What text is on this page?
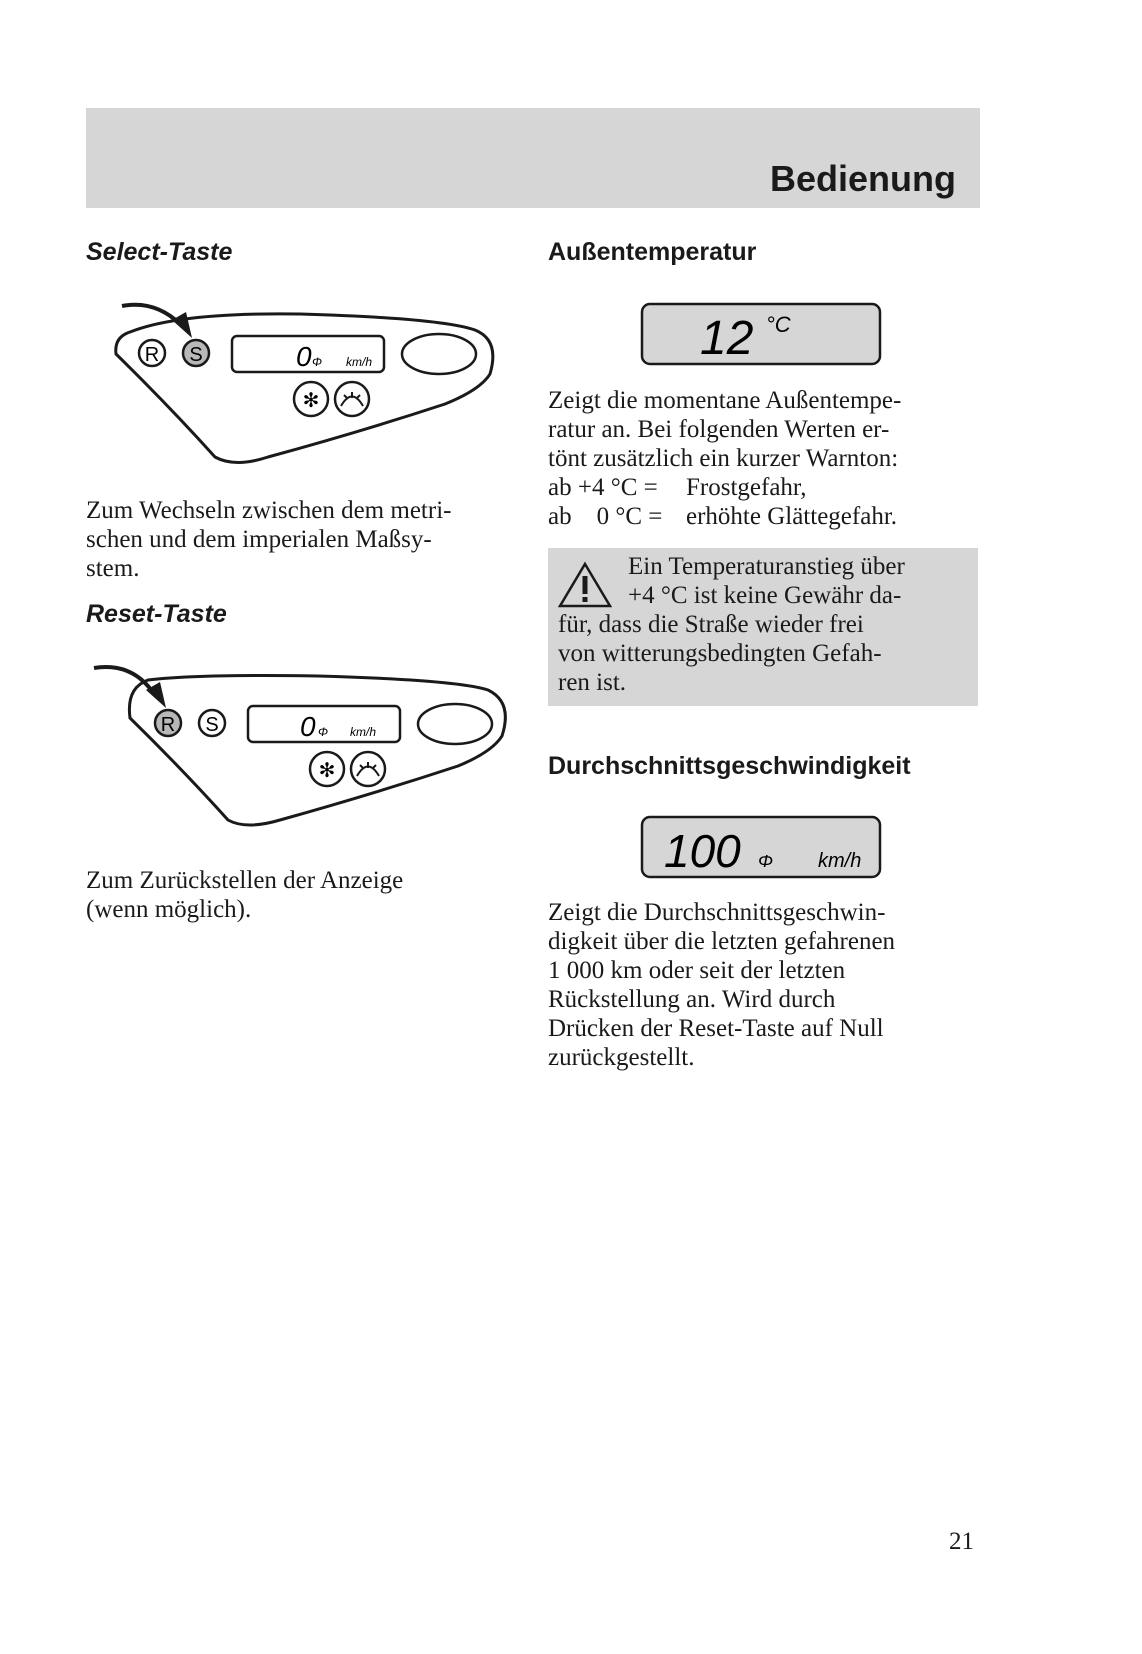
Bedienung
Select-Taste
R S	0 Φ km/h
✻

Zum Wechseln zwischen dem metri-
schen und dem imperialen Maßsy-
stem.

Reset-Taste
R S	0 Φ km/h
✻

Zum Zurückstellen der Anzeige
(wenn möglich).

Außentemperatur
12 °C

Zeigt die momentane Außentempe-
ratur an. Bei folgenden Werten er-
tönt zusätzlich ein kurzer Warnton:

ab +4 °C = Frostgefahr,

ab    0 °C = erhöhte Glättegefahr.

Ein Temperaturanstieg über
+4 °C ist keine Gewähr da-
für, dass die Straße wieder frei
von witterungsbedingten Gefah-
ren ist.

Durchschnittsgeschwindigkeit
100 Φ km/h

Zeigt die Durchschnittsgeschwin-
digkeit über die letzten gefahrenen
1 000 km oder seit der letzten
Rückstellung an. Wird durch
Drücken der Reset-Taste auf Null
zurückgestellt.

21
